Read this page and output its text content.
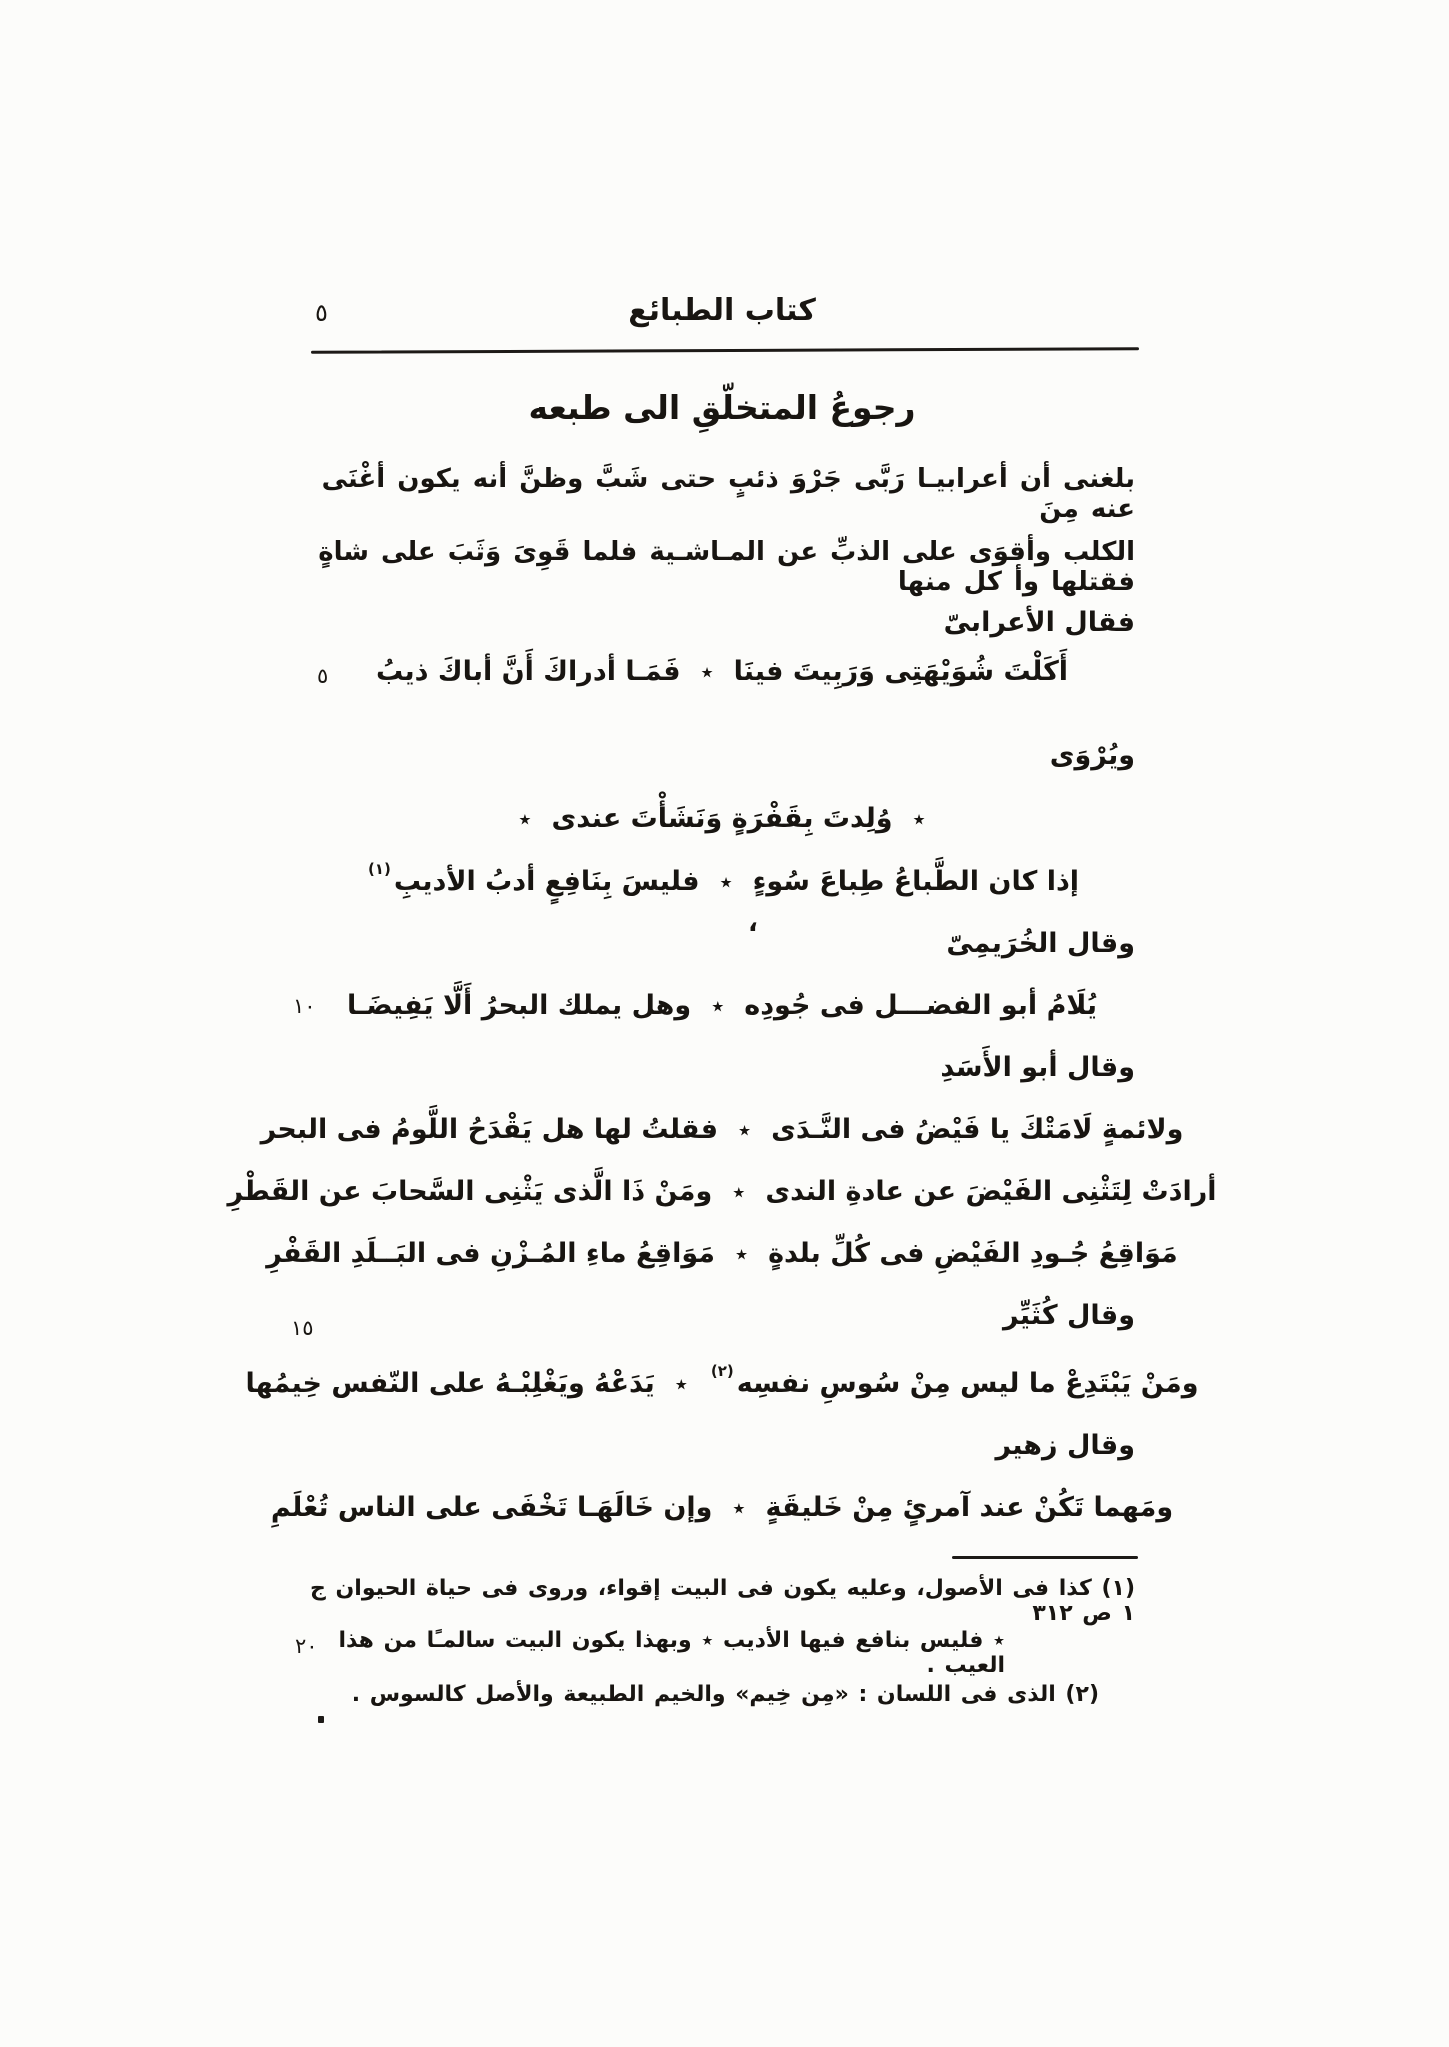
٥	كتاب الطبائع
رجوعُ المتخلّقِ الى طبعه

بلغنى أن أعرابيـا رَبَّى جَرْوَ ذئبٍ حتى شَبَّ وظنَّ أنه يكون أغْنَى عنه مِنَ

الكلب وأقوَى على الذبِّ عن المـاشـية فلما قَوِىَ وَثَبَ على شاةٍ فقتلها وأ كل منها

فقال الأعرابىّ

أَكَلْتَ شُوَيْهَتِى وَرَبِيتَ فينَا
٭
فَمَـا أدراكَ أَنَّ أباكَ ذيبُ
٥

ويُرْوَى

٭
وُلِدتَ بِقَفْرَةٍ وَنَشَأْتَ عندى
٭
إذا كان الطَّباعُ طِباعَ سُوءٍ
٭
فليسَ بِنَافِعٍ أدبُ الأديبِ$^{(١)}$

وقال الخُرَيمِىّ

،
يُلَامُ أبو الفضـــل فى جُودِه
٭
وهل يملك البحرُ أَلَّا يَفِيضَـا
١٠

وقال أبو الأَسَدِ

ولائمةٍ لَامَتْكَ يا فَيْضُ فى النَّـدَى
٭
فقلتُ لها هل يَقْدَحُ اللَّومُ فى البحر
أرادَتْ لِتَثْنِى الفَيْضَ عن عادةِ الندى
٭
ومَنْ ذَا الَّذى يَثْنِى السَّحابَ عن القَطْرِ
مَوَاقِعُ جُـودِ الفَيْضِ فى كُلِّ بلدةٍ
٭
مَوَاقِعُ ماءِ المُـزْنِ فى البَــلَدِ القَفْرِ

وقال كُثَيِّر

١٥
ومَنْ يَبْتَدِعْ ما ليس مِنْ سُوسِ نفسِه$^{(٢)}$
٭
يَدَعْهُ ويَغْلِبْـهُ على النّفس خِيمُها

وقال زهير

ومَهما تَكُنْ عند آمرئٍ مِنْ خَليقَةٍ
٭
وإن خَالَهَـا تَخْفَى على الناس تُعْلَمِ

(١) كذا فى الأصول، وعليه يكون فى البيت إقواء، وروى فى حياة الحيوان ج ١ ص ٣١٢

٭ فليس بنافع فيها الأديب ٭ وبهذا يكون البيت سالمـًا من هذا العيب .

٢٠

(٢) الذى فى اللسان : «مِن خِيم» والخيم الطبيعة والأصل كالسوس .
